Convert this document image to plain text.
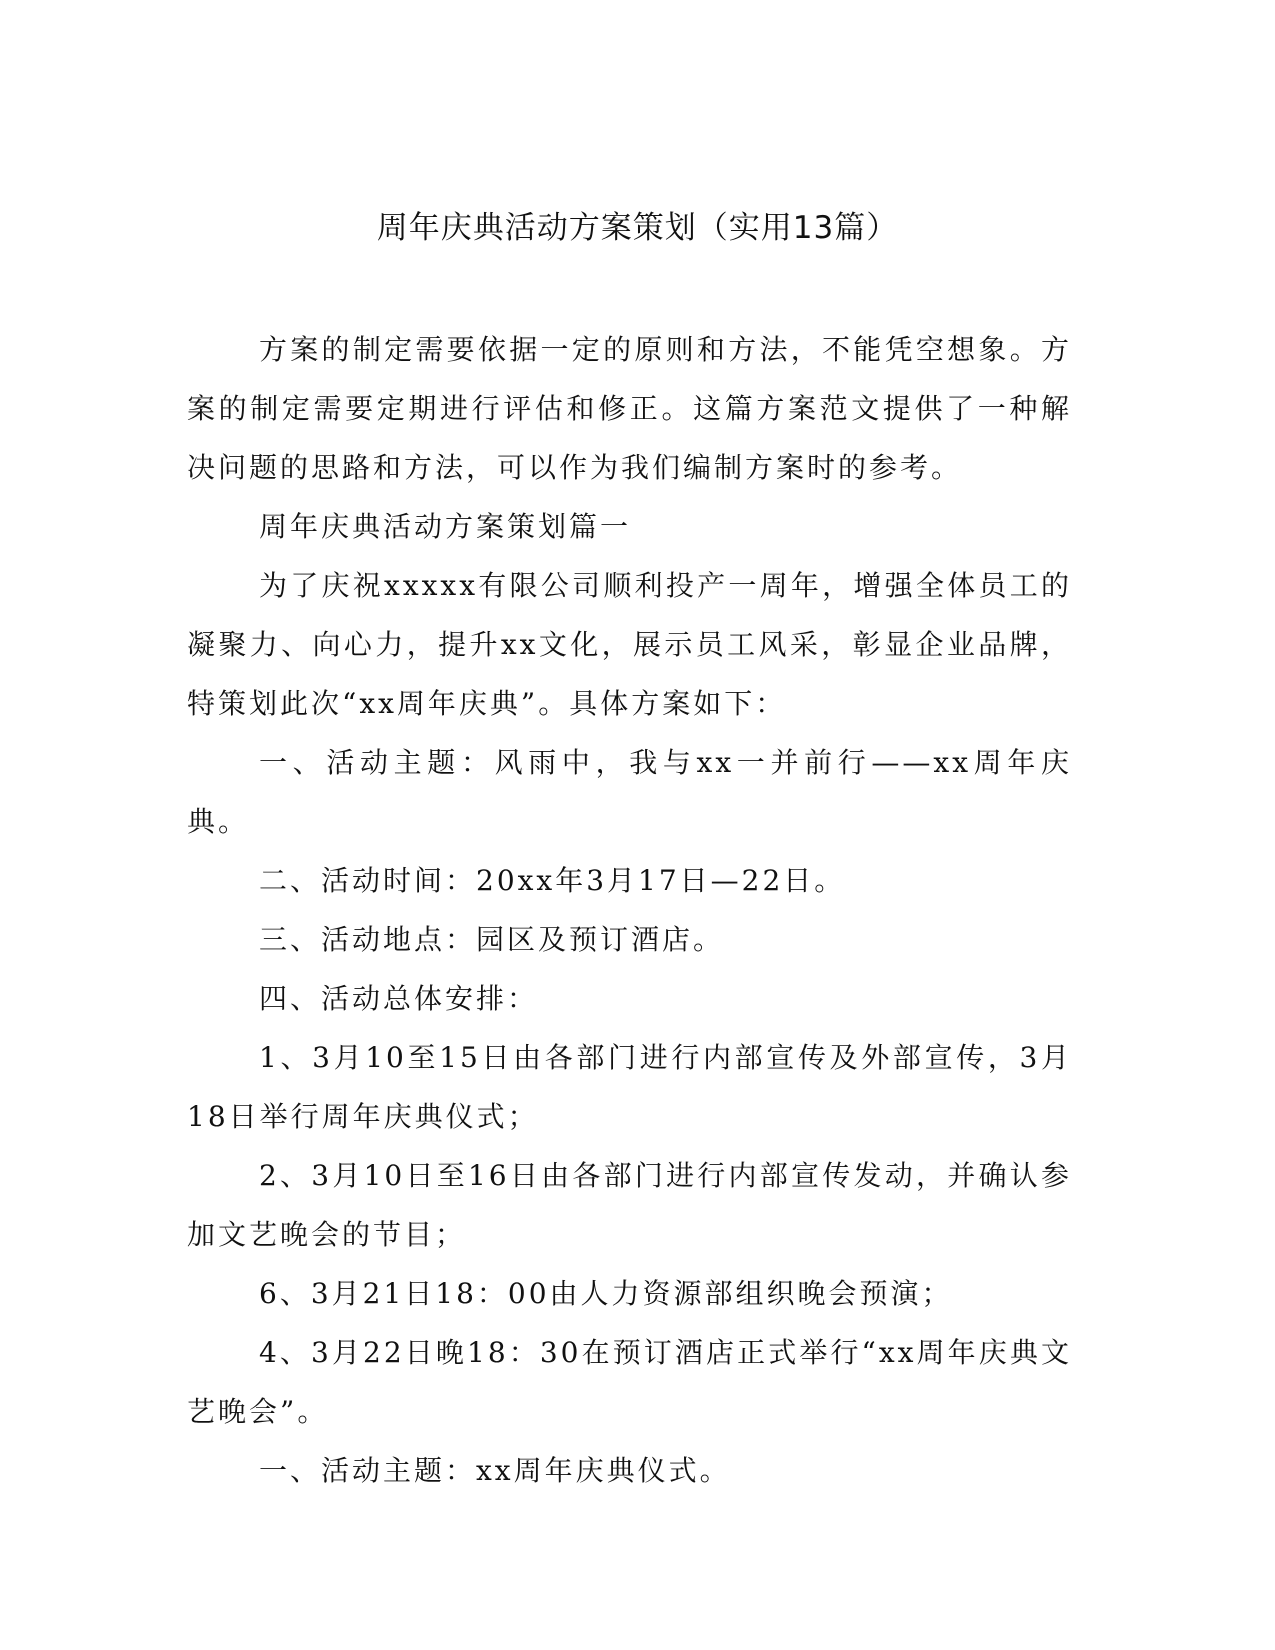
周年庆典活动方案策划（实用13篇）

方案的制定需要依据一定的原则和方法，不能凭空想象。方案的制定需要定期进行评估和修正。这篇方案范文提供了一种解决问题的思路和方法，可以作为我们编制方案时的参考。

周年庆典活动方案策划篇一

为了庆祝xxxxx有限公司顺利投产一周年，增强全体员工的凝聚力、向心力，提升xx文化，展示员工风采，彰显企业品牌，特策划此次“xx周年庆典”。具体方案如下：

一、活动主题：风雨中，我与xx一并前行——xx周年庆典。

二、活动时间：20xx年3月17日—22日。

三、活动地点：园区及预订酒店。

四、活动总体安排：

1、3月10至15日由各部门进行内部宣传及外部宣传，3月18日举行周年庆典仪式；

2、3月10日至16日由各部门进行内部宣传发动，并确认参加文艺晚会的节目；

6、3月21日18：00由人力资源部组织晚会预演；

4、3月22日晚18：30在预订酒店正式举行“xx周年庆典文艺晚会”。

一、活动主题：xx周年庆典仪式。
